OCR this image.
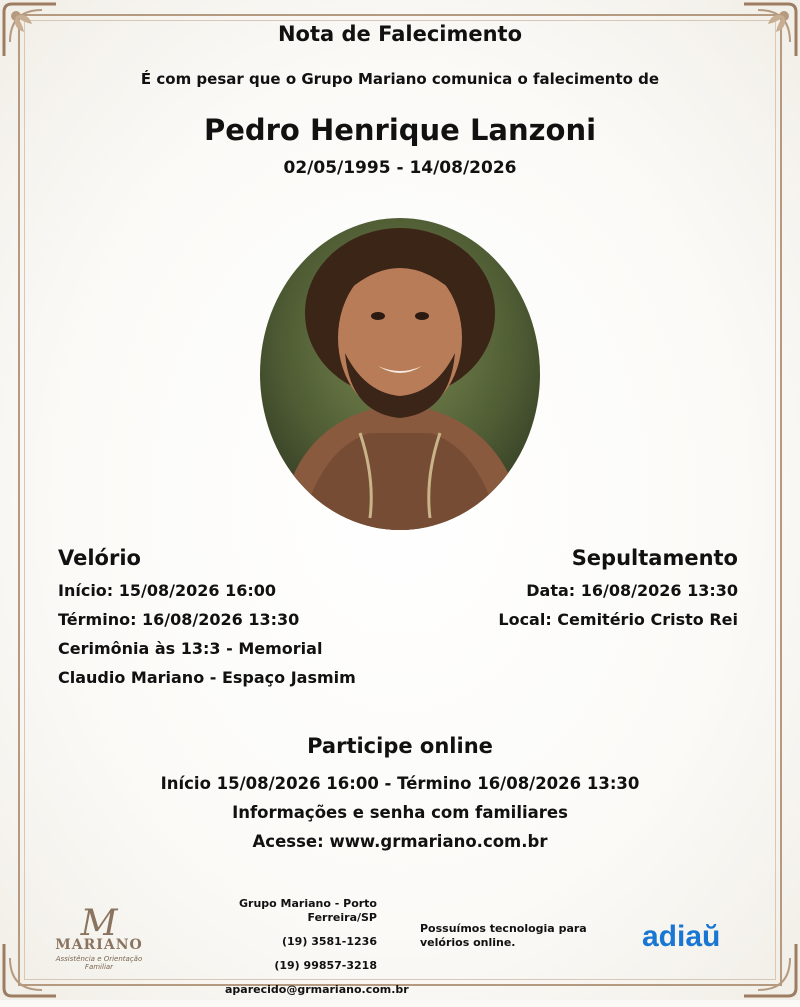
Nota de Falecimento
É com pesar que o Grupo Mariano comunica o falecimento de
Pedro Henrique Lanzoni
02/05/1995 - 14/08/2026
Velório

Início: 15/08/2026 16:00

Término: 16/08/2026 13:30

Cerimônia às 13:3 - Memorial

Claudio Mariano - Espaço Jasmim

Sepultamento

Data: 16/08/2026 13:30

Local: Cemitério Cristo Rei

Participe online
Início 15/08/2026 16:00 - Término 16/08/2026 13:30
Informações e senha com familiares
Acesse: www.grmariano.com.br
M
MARIANO
Assistência e Orientação Familiar
Grupo Mariano - Porto Ferreira/SP
(19) 3581-1236
(19) 99857-3218
aparecido@grmariano.com.br
Possuímos tecnologia para velórios online.	adiaŭ
